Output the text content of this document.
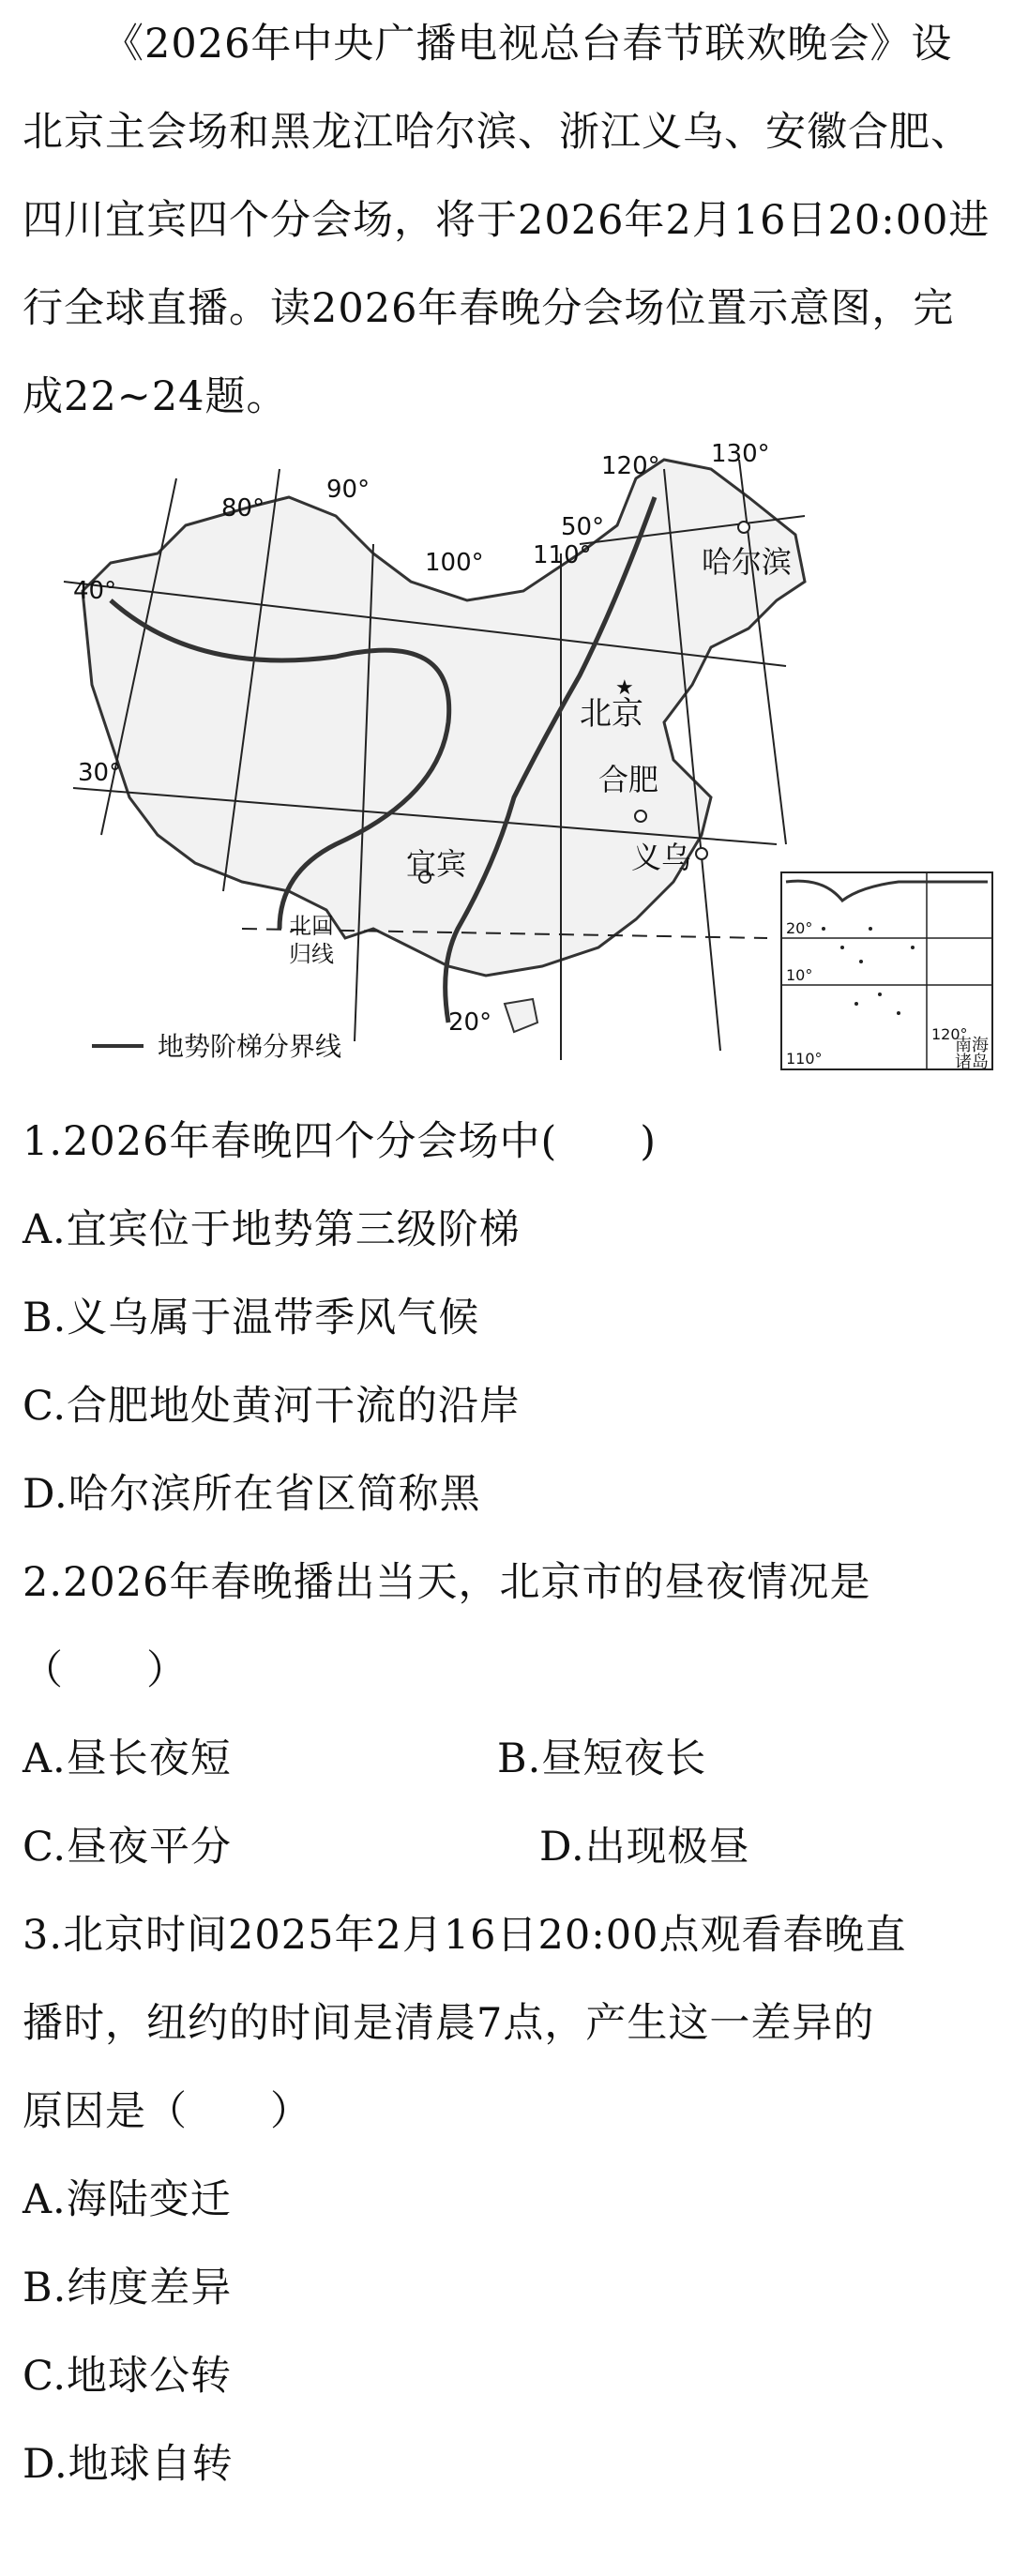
《2026年中央广播电视总台春节联欢晚会》设北京主会场和黑龙江哈尔滨、浙江义乌、安徽合肥、四川宜宾四个分会场，将于2026年2月16日20:00进行全球直播。读2026年春晚分会场位置示意图，完成22~24题。

哈尔滨
★
北京
合肥
义乌
宜宾
80°
90°
100° 110°
120° 130°
40°
30°
50°
20°
北回
归线
地势阶梯分界线
20°
10°
110°
120°
南海
诸岛

1.2026年春晚四个分会场中(　　)

A.宜宾位于地势第三级阶梯

B.义乌属于温带季风气候

C.合肥地处黄河干流的沿岸

D.哈尔滨所在省区简称黑

2.2026年春晚播出当天，北京市的昼夜情况是

（　　）

A.昼长夜短	B.昼短夜长

C.昼夜平分	D.出现极昼

3.北京时间2025年2月16日20:00点观看春晚直

播时，纽约的时间是清晨7点，产生这一差异的

原因是（　　）

A.海陆变迁

B.纬度差异

C.地球公转

D.地球自转
